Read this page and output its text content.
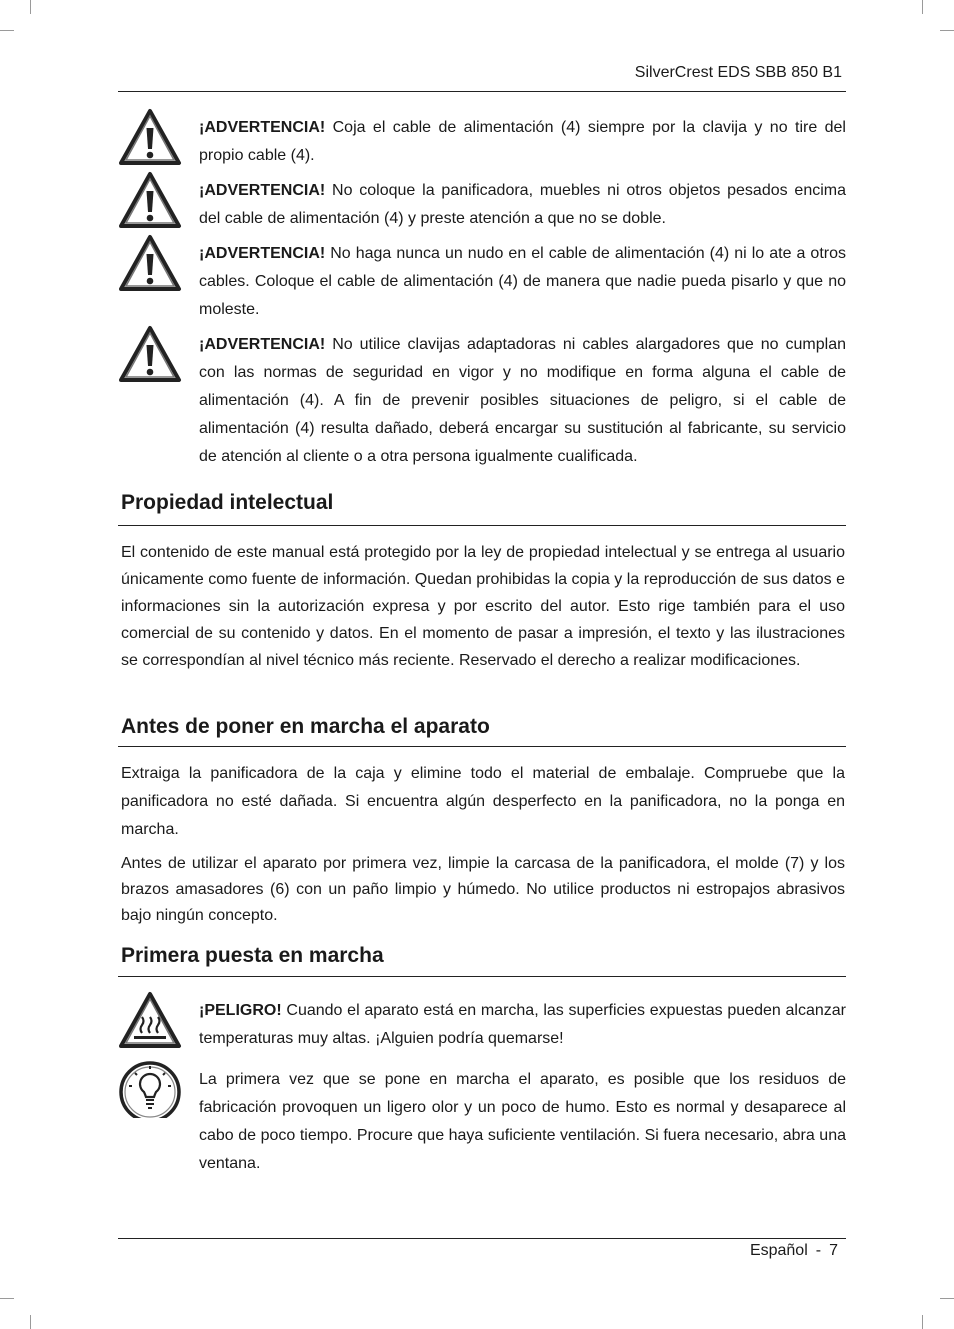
SilverCrest EDS SBB 850 B1
¡ADVERTENCIA! Coja el cable de alimentación (4) siempre por la clavija y no tire del propio cable (4).
¡ADVERTENCIA! No coloque la panificadora, muebles ni otros objetos pesados encima del cable de alimentación (4) y preste atención a que no se doble.
¡ADVERTENCIA! No haga nunca un nudo en el cable de alimentación (4) ni lo ate a otros cables. Coloque el cable de alimentación (4) de manera que nadie pueda pisarlo y que no moleste.
¡ADVERTENCIA! No utilice clavijas adaptadoras ni cables alargadores que no cumplan con las normas de seguridad en vigor y no modifique en forma alguna el cable de alimentación (4). A fin de prevenir posibles situaciones de peligro, si el cable de alimentación (4) resulta dañado, deberá encargar su sustitución al fabricante, su servicio de atención al cliente o a otra persona igualmente cualificada.
Propiedad intelectual

El contenido de este manual está protegido por la ley de propiedad intelectual y se entrega al usuario únicamente como fuente de información. Quedan prohibidas la copia y la reproducción de sus datos e informaciones sin la autorización expresa y por escrito del autor. Esto rige también para el uso comercial de su contenido y datos. En el momento de pasar a impresión, el texto y las ilustraciones se correspondían al nivel técnico más reciente. Reservado el derecho a realizar modificaciones.

Antes de poner en marcha el aparato

Extraiga la panificadora de la caja y elimine todo el material de embalaje. Compruebe que la panificadora no esté dañada. Si encuentra algún desperfecto en la panificadora, no la ponga en marcha.

Antes de utilizar el aparato por primera vez, limpie la carcasa de la panificadora, el molde (7) y los brazos amasadores (6) con un paño limpio y húmedo. No utilice productos ni estropajos abrasivos bajo ningún concepto.

Primera puesta en marcha
¡PELIGRO! Cuando el aparato está en marcha, las superficies expuestas pueden alcanzar temperaturas muy altas. ¡Alguien podría quemarse!
La primera vez que se pone en marcha el aparato, es posible que los residuos de fabricación provoquen un ligero olor y un poco de humo. Esto es normal y desaparece al cabo de poco tiempo. Procure que haya suficiente ventilación. Si fuera necesario, abra una ventana.
Español - 7
